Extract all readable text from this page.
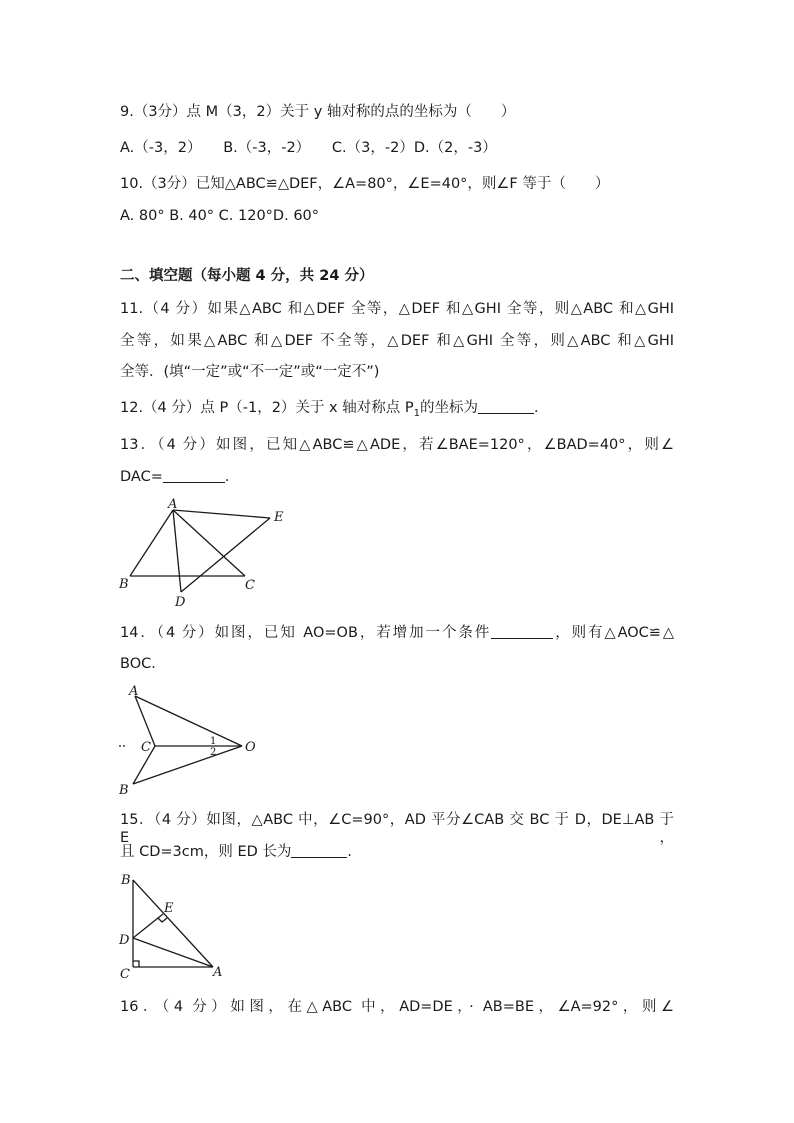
9.（3分）点 M（3，2）关于 y 轴对称的点的坐标为（　　）
A.（-3，2）　　B.（-3，-2）　　C.（3，-2）D.（2，-3）
10.（3分）已知△ABC≌△DEF，∠A=80°，∠E=40°，则∠F 等于（　　）
A. 80° B. 40° C. 120°D. 60°
二、填空题（每小题 4 分，共 24 分）
11.（4 分）如果△ABC 和△DEF 全等，△DEF 和△GHI 全等，则△ABC 和△GHI
全等，如果△ABC 和△DEF 不全等，△DEF 和△GHI 全等，则△ABC 和△GHI
全等．(填“一定”或“不一定”或“一定不”)
12.（4 分）点 P（-1，2）关于 x 轴对称点 $P_1$的坐标为	．
13．（4 分）如图，已知△ABC≌△ADE，若∠BAE=120°，∠BAD=40°，则∠
DAC=	．
A
E
B	C
D
14．（4 分）如图，已知 AO=OB，若增加一个条件	，则有△AOC≌△
BOC．
A
C	O
B
1
2
15．（4 分）如图，△ABC 中，∠C=90°，AD 平分∠CAB 交 BC 于 D，DE⊥AB 于 E，
且 CD=3cm，则 ED 长为	．
B
E
D
C	A
16．（4 分）如图，在△ABC 中，AD=DE，· AB=BE，∠A=92°，则∠
